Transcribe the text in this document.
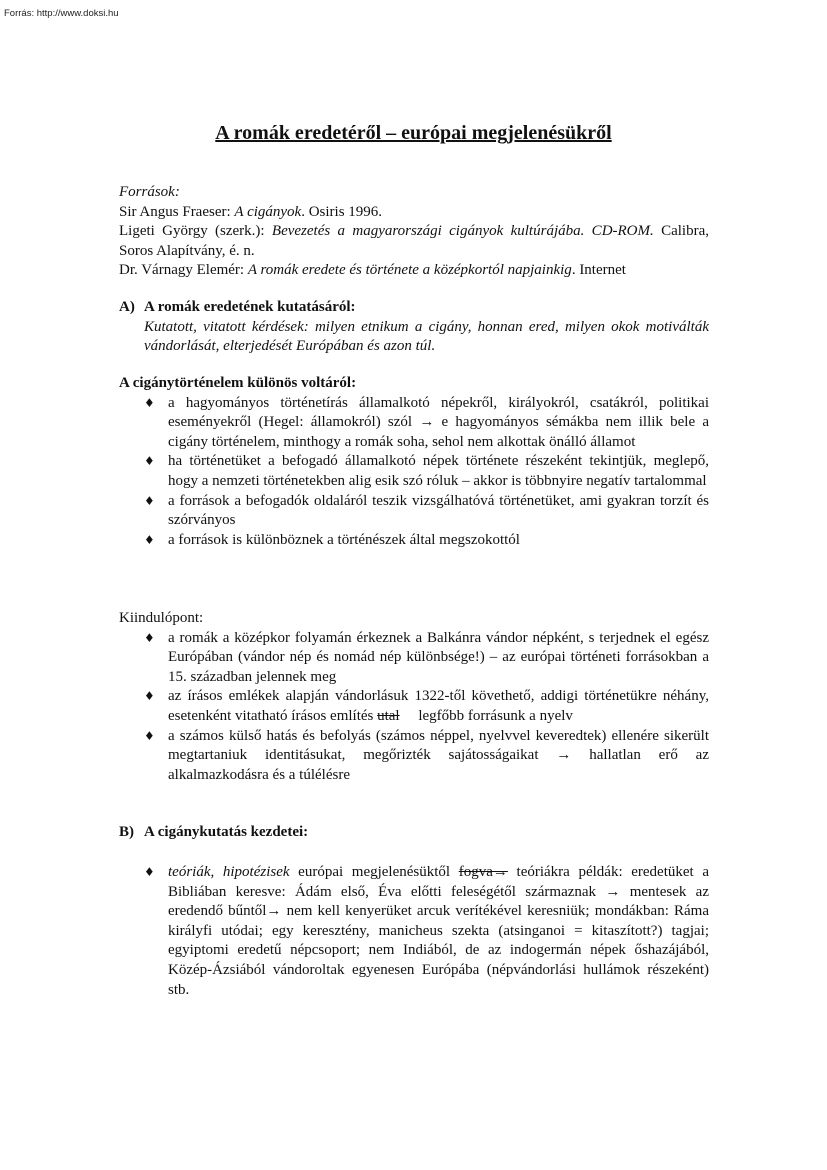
Forrás: http://www.doksi.hu
A romák eredetéről – európai megjelenésükről

Források:

Sir Angus Fraeser: A cigányok. Osiris 1996.

Ligeti György (szerk.): Bevezetés a magyarországi cigányok kultúrájába. CD-ROM. Calibra, Soros Alapítvány, é. n.

Dr. Várnagy Elemér: A romák eredete és története a középkortól napjainkig. Internet

A) A romák eredetének kutatásáról:

Kutatott, vitatott kérdések: milyen etnikum a cigány, honnan ered, milyen okok motiválták vándorlását, elterjedését Európában és azon túl.

A cigánytörténelem különös voltáról:

♦ a hagyományos történetírás államalkotó népekről, királyokról, csatákról, politikai eseményekről (Hegel: államokról) szól → e hagyományos sémákba nem illik bele a cigány történelem, minthogy a romák soha, sehol nem alkottak önálló államot
♦ ha történetüket a befogadó államalkotó népek története részeként tekintjük, meglepő, hogy a nemzeti történetekben alig esik szó róluk – akkor is többnyire negatív tartalommal
♦ a források a befogadók oldaláról teszik vizsgálhatóvá történetüket, ami gyakran torzít és szórványos
♦ a források is különböznek a történészek által megszokottól

Kiindulópont:

♦ a romák a középkor folyamán érkeznek a Balkánra vándor népként, s terjednek el egész Európában (vándor nép és nomád nép különbsége!) – az európai történeti forrásokban a 15. században jelennek meg
♦ az írásos emlékek alapján vándorlásuk 1322-től követhető, addigi történetükre néhány, esetenként vitatható írásos említés utal     legfőbb forrásunk a nyelv
♦ a számos külső hatás és befolyás (számos néppel, nyelvvel keveredtek) ellenére sikerült megtartaniuk identitásukat, megőrizték sajátosságaikat → hallatlan erő az alkalmazkodásra és a túlélésre

B) A cigánykutatás kezdetei:

♦ teóriák, hipotézisek európai megjelenésüktől fogva→ teóriákra példák: eredetüket a Bibliában keresve: Ádám első, Éva előtti feleségétől származnak → mentesek az eredendő bűntől→ nem kell kenyerüket arcuk verítékével keresniük; mondákban: Ráma királyfi utódai; egy keresztény, manicheus szekta (atsinganoi = kitaszított?) tagjai; egyiptomi eredetű népcsoport; nem Indiából, de az indogermán népek őshazájából, Közép-Ázsiából vándoroltak egyenesen Európába (népvándorlási hullámok részeként) stb.
